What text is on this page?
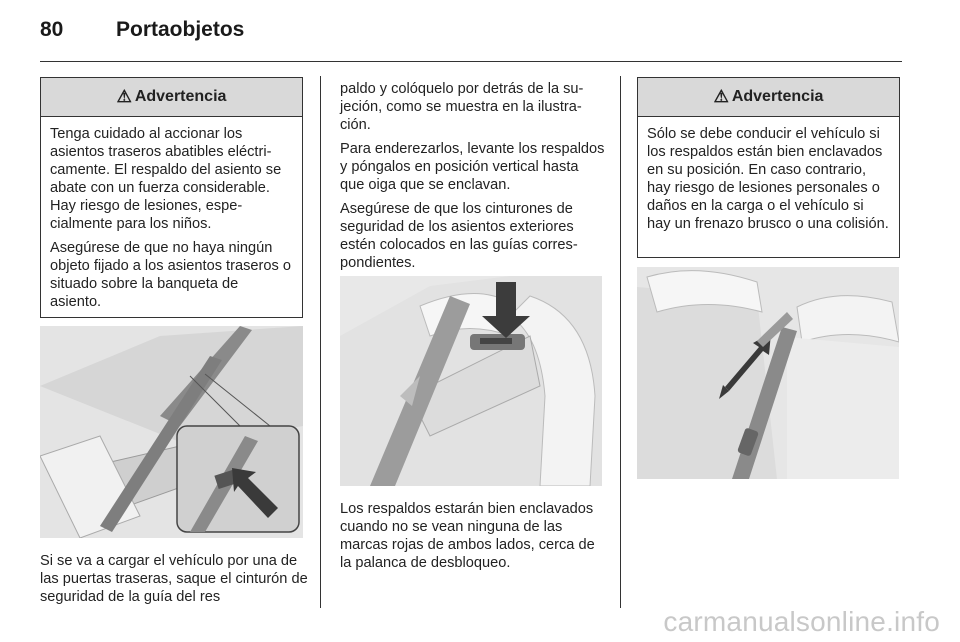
80	Portaobjetos
⚠ Advertencia

Tenga cuidado al accionar los asientos traseros abatibles eléctricamente. El respaldo del asiento se abate con un fuerza considerable. Hay riesgo de lesiones, especialmente para los niños.

Asegúrese de que no haya ningún objeto fijado a los asientos traseros o situado sobre la banqueta de asiento.

Si se va a cargar el vehículo por una de las puertas traseras, saque el cinturón de seguridad de la guía del res

paldo y colóquelo por detrás de la sujeción, como se muestra en la ilustración.

Para enderezarlos, levante los respaldos y póngalos en posición vertical hasta que oiga que se enclavan.

Asegúrese de que los cinturones de seguridad de los asientos exteriores estén colocados en las guías correspondientes.

Los respaldos estarán bien enclavados cuando no se vean ninguna de las marcas rojas de ambos lados, cerca de la palanca de desbloqueo.
⚠ Advertencia

Sólo se debe conducir el vehículo si los respaldos están bien enclavados en su posición. En caso contrario, hay riesgo de lesiones personales o daños en la carga o el vehículo si hay un frenazo brusco o una colisión.

carmanualsonline.info
